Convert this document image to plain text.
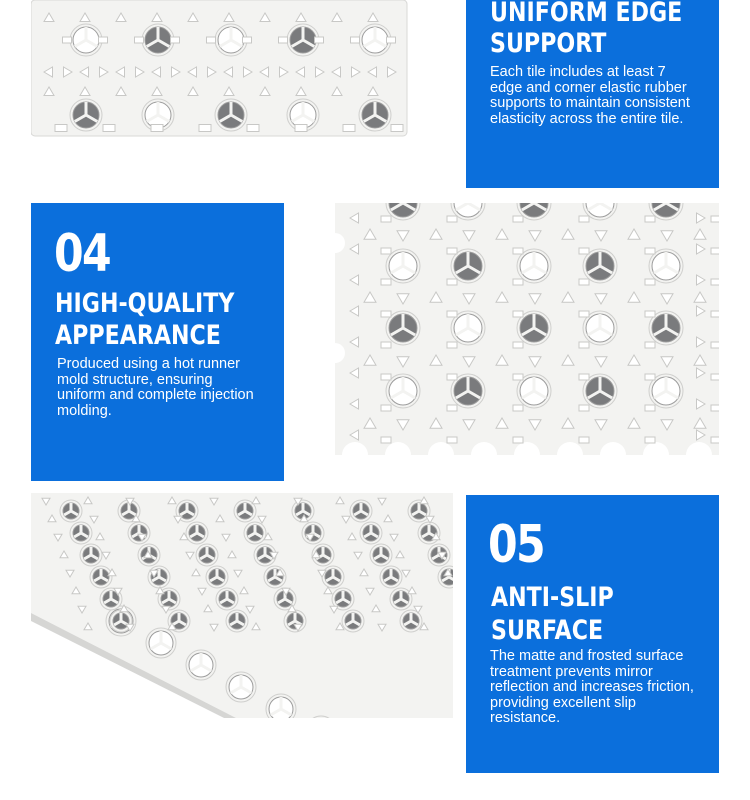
UNIFORM EDGE
SUPPORT
Each tile includes at least 7 edge and corner elastic rubber supports to maintain consistent elasticity across the entire tile.
04
HIGH-QUALITY
APPEARANCE
Produced using a hot runner mold structure, ensuring uniform and complete injection molding.
05
ANTI-SLIP
SURFACE
The matte and frosted surface treatment prevents mirror reflection and increases friction, providing excellent slip resistance.
